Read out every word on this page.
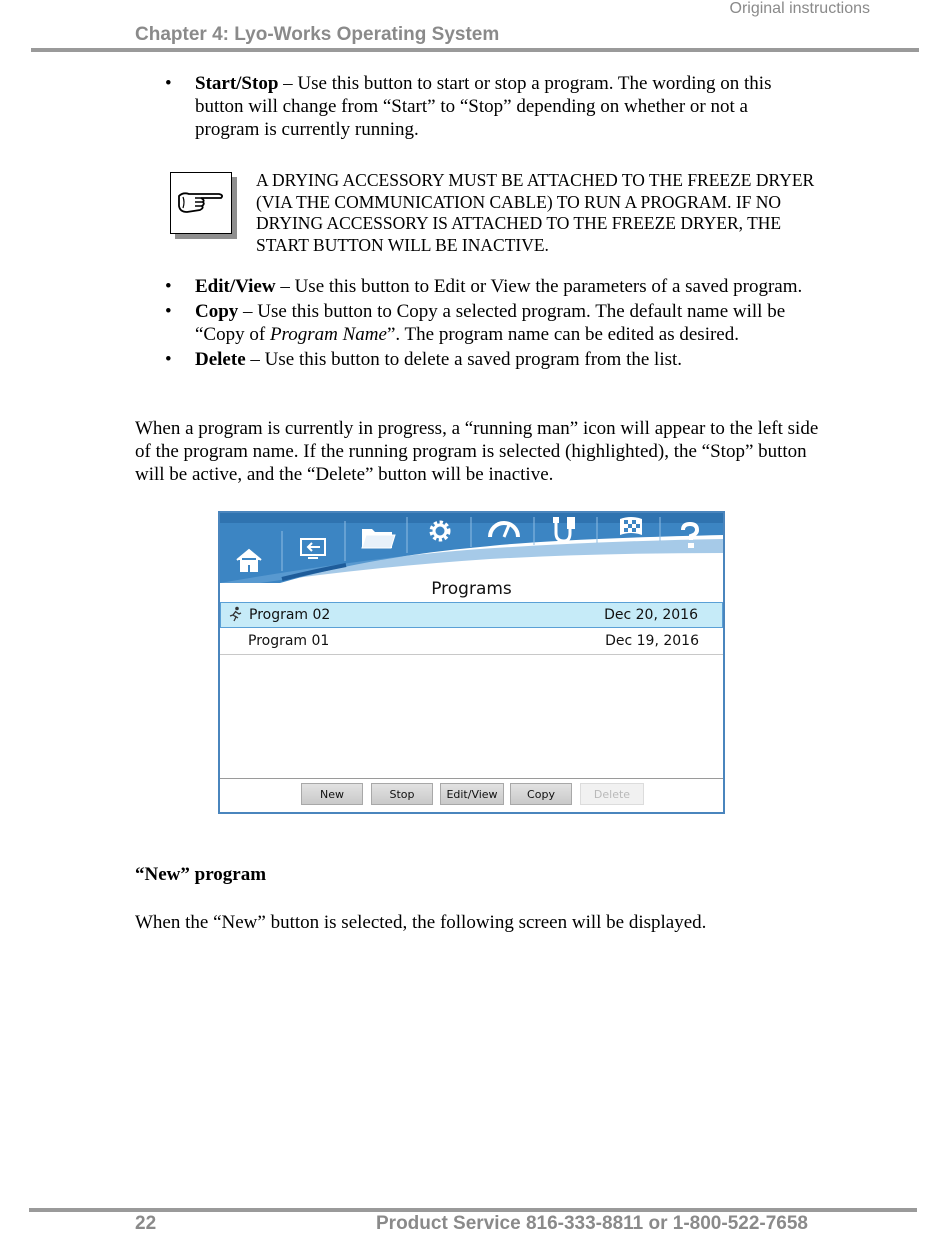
Original instructions
Chapter 4: Lyo-Works Operating System
• Start/Stop – Use this button to start or stop a program. The wording on this button will change from “Start” to “Stop” depending on whether or not a program is currently running.
A DRYING ACCESSORY MUST BE ATTACHED TO THE FREEZE DRYER (VIA THE COMMUNICATION CABLE) TO RUN A PROGRAM. IF NO DRYING ACCESSORY IS ATTACHED TO THE FREEZE DRYER, THE START BUTTON WILL BE INACTIVE.
• Edit/View – Use this button to Edit or View the parameters of a saved program.
• Copy – Use this button to Copy a selected program. The default name will be “Copy of Program Name”. The program name can be edited as desired.
• Delete – Use this button to delete a saved program from the list.

When a program is currently in progress, a “running man” icon will appear to the left side of the program name. If the running program is selected (highlighted), the “Stop” button will be active, and the “Delete” button will be inactive.

Programs
Program 02	Dec 20, 2016
Program 01	Dec 19, 2016
New	Stop	Edit/View	Copy	Delete
“New” program

When the “New” button is selected, the following screen will be displayed.

22	Product Service 816-333-8811 or 1-800-522-7658
